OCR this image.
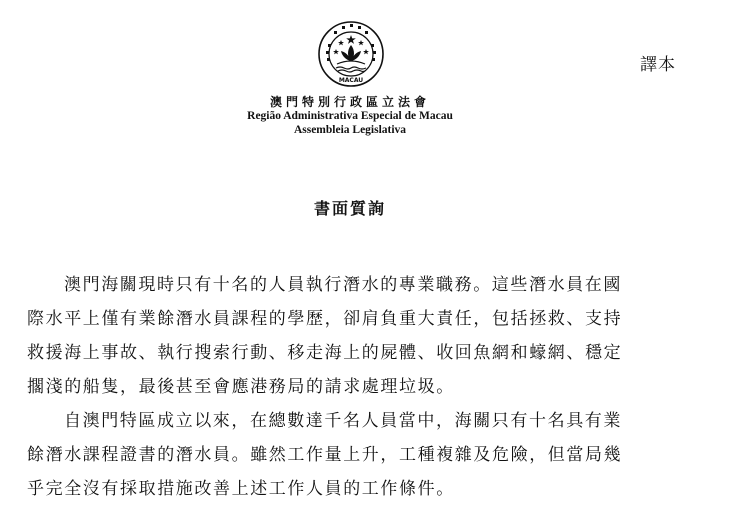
MACAU
譯本
澳門特別行政區立法會
Região Administrativa Especial de Macau
Assembleia Legislativa
書面質詢
澳門海關現時只有十名的人員執行潛水的專業職務。這些潛水員在國
際水平上僅有業餘潛水員課程的學歷，卻肩負重大責任，包括拯救、支持
救援海上事故、執行搜索行動、移走海上的屍體、收回魚網和蠔網、穩定
擱淺的船隻，最後甚至會應港務局的請求處理垃圾。
自澳門特區成立以來，在總數達千名人員當中，海關只有十名具有業
餘潛水課程證書的潛水員。雖然工作量上升，工種複雜及危險，但當局幾
乎完全沒有採取措施改善上述工作人員的工作條件。
